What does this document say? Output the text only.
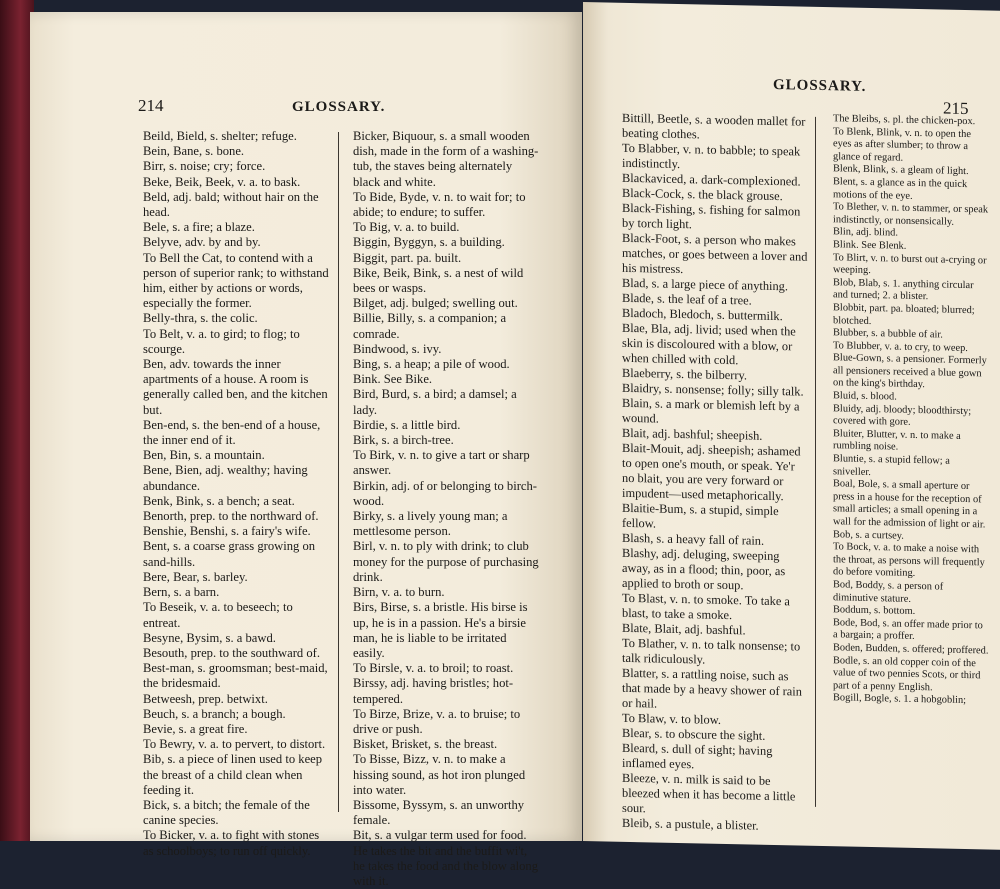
214	GLOSSARY.

Beild, Bield, s. shelter; refuge.

Bein, Bane, s. bone.

Birr, s. noise; cry; force.

Beke, Beik, Beek, v. a. to bask.

Beld, adj. bald; without hair on the head.

Bele, s. a fire; a blaze.

Belyve, adv. by and by.

To Bell the Cat, to contend with a person of superior rank; to withstand him, either by actions or words, especially the former.

Belly-thra, s. the colic.

To Belt, v. a. to gird; to flog; to scourge.

Ben, adv. towards the inner apartments of a house. A room is generally called ben, and the kitchen but.

Ben-end, s. the ben-end of a house, the inner end of it.

Ben, Bin, s. a mountain.

Bene, Bien, adj. wealthy; having abundance.

Benk, Bink, s. a bench; a seat.

Benorth, prep. to the northward of.

Benshie, Benshi, s. a fairy's wife.

Bent, s. a coarse grass growing on sand-hills.

Bere, Bear, s. barley.

Bern, s. a barn.

To Beseik, v. a. to beseech; to entreat.

Besyne, Bysim, s. a bawd.

Besouth, prep. to the southward of.

Best-man, s. groomsman; best-maid, the bridesmaid.

Betweesh, prep. betwixt.

Beuch, s. a branch; a bough.

Bevie, s. a great fire.

To Bewry, v. a. to pervert, to distort.

Bib, s. a piece of linen used to keep the breast of a child clean when feeding it.

Bick, s. a bitch; the female of the canine species.

To Bicker, v. a. to fight with stones as schoolboys; to run off quickly.

Bicker, Biquour, s. a small wooden dish, made in the form of a washing-tub, the staves being alternately black and white.

To Bide, Byde, v. n. to wait for; to abide; to endure; to suffer.

To Big, v. a. to build.

Biggin, Byggyn, s. a building.

Biggit, part. pa. built.

Bike, Beik, Bink, s. a nest of wild bees or wasps.

Bilget, adj. bulged; swelling out.

Billie, Billy, s. a companion; a comrade.

Bindwood, s. ivy.

Bing, s. a heap; a pile of wood.

Bink. See Bike.

Bird, Burd, s. a bird; a damsel; a lady.

Birdie, s. a little bird.

Birk, s. a birch-tree.

To Birk, v. n. to give a tart or sharp answer.

Birkin, adj. of or belonging to birch-wood.

Birky, s. a lively young man; a mettlesome person.

Birl, v. n. to ply with drink; to club money for the purpose of purchasing drink.

Birn, v. a. to burn.

Birs, Birse, s. a bristle. His birse is up, he is in a passion. He's a birsie man, he is liable to be irritated easily.

To Birsle, v. a. to broil; to roast.

Birssy, adj. having bristles; hot-tempered.

To Birze, Brize, v. a. to bruise; to drive or push.

Bisket, Brisket, s. the breast.

To Bisse, Bizz, v. n. to make a hissing sound, as hot iron plunged into water.

Bissome, Byssym, s. an unworthy female.

Bit, s. a vulgar term used for food. He takes the bit and the buffit wi't, he takes the food and the blow along with it.

GLOSSARY.
215

Bittill, Beetle, s. a wooden mallet for beating clothes.

To Blabber, v. n. to babble; to speak indistinctly.

Blackaviced, a. dark-complexioned.

Black-Cock, s. the black grouse.

Black-Fishing, s. fishing for salmon by torch light.

Black-Foot, s. a person who makes matches, or goes between a lover and his mistress.

Blad, s. a large piece of anything.

Blade, s. the leaf of a tree.

Bladoch, Bledoch, s. buttermilk.

Blae, Bla, adj. livid; used when the skin is discoloured with a blow, or when chilled with cold.

Blaeberry, s. the bilberry.

Blaidry, s. nonsense; folly; silly talk.

Blain, s. a mark or blemish left by a wound.

Blait, adj. bashful; sheepish.

Blait-Mouit, adj. sheepish; ashamed to open one's mouth, or speak. Ye'r no blait, you are very forward or impudent—used metaphorically.

Blaitie-Bum, s. a stupid, simple fellow.

Blash, s. a heavy fall of rain.

Blashy, adj. deluging, sweeping away, as in a flood; thin, poor, as applied to broth or soup.

To Blast, v. n. to smoke. To take a blast, to take a smoke.

Blate, Blait, adj. bashful.

To Blather, v. n. to talk nonsense; to talk ridiculously.

Blatter, s. a rattling noise, such as that made by a heavy shower of rain or hail.

To Blaw, v. to blow.

Blear, s. to obscure the sight.

Bleard, s. dull of sight; having inflamed eyes.

Bleeze, v. n. milk is said to be bleezed when it has become a little sour.

Bleib, s. a pustule, a blister.

The Bleibs, s. pl. the chicken-pox.

To Blenk, Blink, v. n. to open the eyes as after slumber; to throw a glance of regard.

Blenk, Blink, s. a gleam of light.

Blent, s. a glance as in the quick motions of the eye.

To Blether, v. n. to stammer, or speak indistinctly, or nonsensically.

Blin, adj. blind.

Blink. See Blenk.

To Blirt, v. n. to burst out a-crying or weeping.

Blob, Blab, s. 1. anything circular and turned; 2. a blister.

Blobbit, part. pa. bloated; blurred; blotched.

Blubber, s. a bubble of air.

To Blubber, v. a. to cry, to weep.

Blue-Gown, s. a pensioner. Formerly all pensioners received a blue gown on the king's birthday.

Bluid, s. blood.

Bluidy, adj. bloody; bloodthirsty; covered with gore.

Bluiter, Blutter, v. n. to make a rumbling noise.

Bluntie, s. a stupid fellow; a sniveller.

Boal, Bole, s. a small aperture or press in a house for the reception of small articles; a small opening in a wall for the admission of light or air.

Bob, s. a curtsey.

To Bock, v. a. to make a noise with the throat, as persons will frequently do before vomiting.

Bod, Boddy, s. a person of diminutive stature.

Boddum, s. bottom.

Bode, Bod, s. an offer made prior to a bargain; a proffer.

Boden, Budden, s. offered; proffered.

Bodle, s. an old copper coin of the value of two pennies Scots, or third part of a penny English.

Bogill, Bogle, s. 1. a hobgoblin;
